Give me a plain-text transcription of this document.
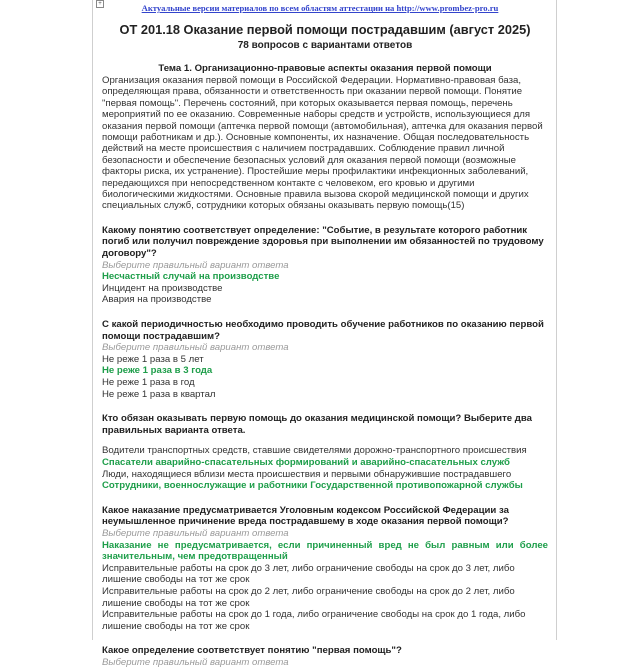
+	Актуальные версии материалов по всем областям аттестации на http://www.prombez-pro.ru
ОТ 201.18 Оказание первой помощи пострадавшим (август 2025)
78 вопросов с вариантами ответов
Тема 1. Организационно-правовые аспекты оказания первой помощи
Организация оказания первой помощи в Российской Федерации. Нормативно-правовая база, определяющая права, обязанности и ответственность при оказании первой помощи. Понятие "первая помощь". Перечень состояний, при которых оказывается первая помощь, перечень мероприятий по ее оказанию. Современные наборы средств и устройств, использующиеся для оказания первой помощи (аптечка первой помощи (автомобильная), аптечка для оказания первой помощи работникам и др.). Основные компоненты, их назначение. Общая последовательность действий на месте происшествия с наличием пострадавших. Соблюдение правил личной безопасности и обеспечение безопасных условий для оказания первой помощи (возможные факторы риска, их устранение). Простейшие меры профилактики инфекционных заболеваний, передающихся при непосредственном контакте с человеком, его кровью и другими биологическими жидкостями. Основные правила вызова скорой медицинской помощи и других специальных служб, сотрудники которых обязаны оказывать первую помощь(15)
Какому понятию соответствует определение: "Событие, в результате которого работник погиб или получил повреждение здоровья при выполнении им обязанностей по трудовому договору"?
Выберите правильный вариант ответа
Несчастный случай на производстве
Инцидент на производстве
Авария на производстве
С какой периодичностью необходимо проводить обучение работников по оказанию первой помощи пострадавшим?
Выберите правильный вариант ответа
Не реже 1 раза в 5 лет
Не реже 1 раза в 3 года
Не реже 1 раза в год
Не реже 1 раза в квартал
Кто обязан оказывать первую помощь до оказания медицинской помощи? Выберите два правильных варианта ответа.
Водители транспортных средств, ставшие свидетелями дорожно-транспортного происшествия
Спасатели аварийно-спасательных формирований и аварийно-спасательных служб
Люди, находящиеся вблизи места происшествия и первыми обнаружившие пострадавшего
Сотрудники, военнослужащие и работники Государственной противопожарной службы
Какое наказание предусматривается Уголовным кодексом Российской Федерации за неумышленное причинение вреда пострадавшему в ходе оказания первой помощи?
Выберите правильный вариант ответа
Наказание не предусматривается, если причиненный вред не был равным или более значительным, чем предотвращенный
Исправительные работы на срок до 3 лет, либо ограничение свободы на срок до 3 лет, либо лишение свободы на тот же срок
Исправительные работы на срок до 2 лет, либо ограничение свободы на срок до 2 лет, либо лишение свободы на тот же срок
Исправительные работы на срок до 1 года, либо ограничение свободы на срок до 1 года, либо лишение свободы на тот же срок
Какое определение соответствует понятию "первая помощь"?
Выберите правильный вариант ответа
